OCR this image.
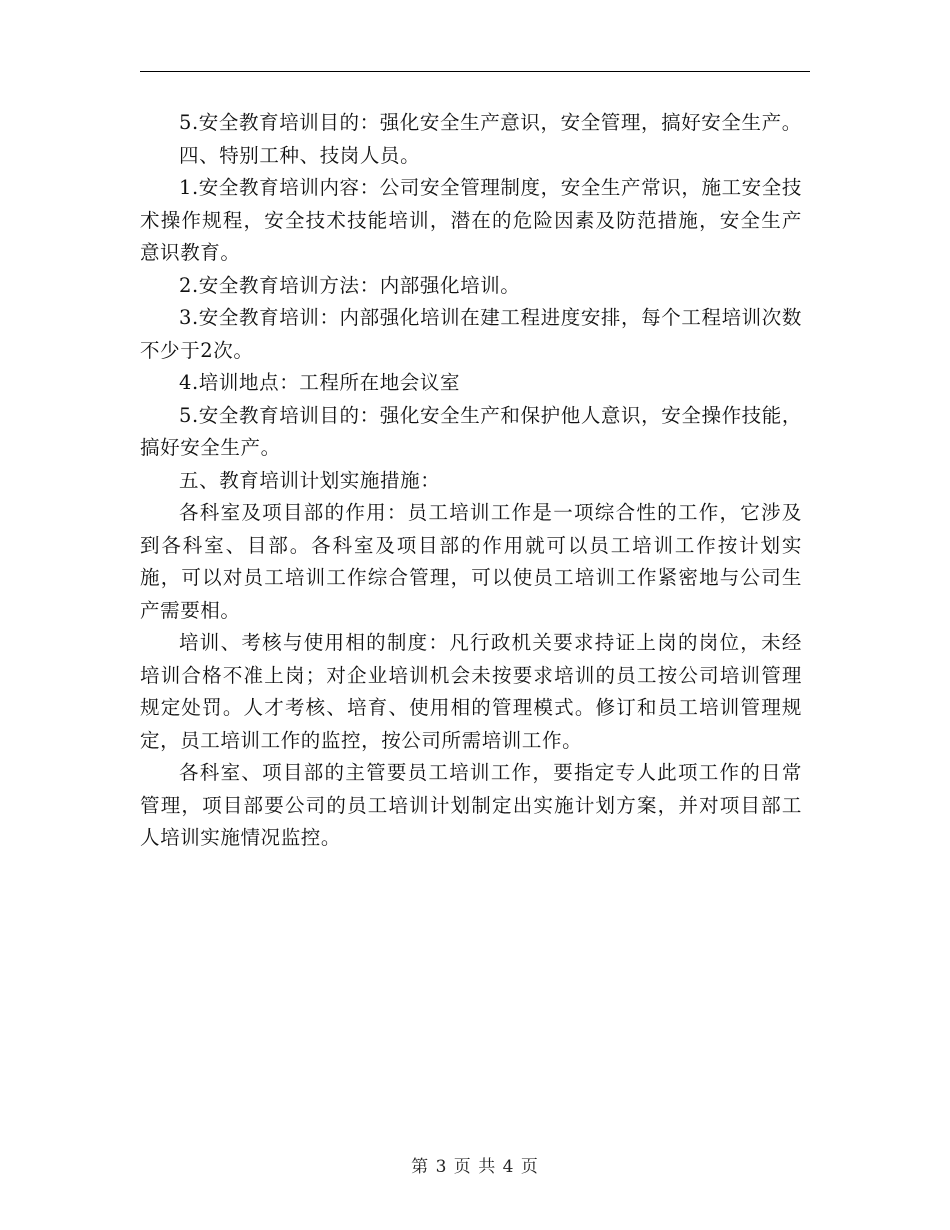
5.安全教育培训目的：强化安全生产意识，安全管理，搞好安全生产。

四、特别工种、技岗人员。

1.安全教育培训内容：公司安全管理制度，安全生产常识，施工安全技术操作规程，安全技术技能培训，潜在的危险因素及防范措施，安全生产意识教育。

2.安全教育培训方法：内部强化培训。

3.安全教育培训：内部强化培训在建工程进度安排，每个工程培训次数不少于2次。

4.培训地点：工程所在地会议室

5.安全教育培训目的：强化安全生产和保护他人意识，安全操作技能，搞好安全生产。

五、教育培训计划实施措施：

各科室及项目部的作用：员工培训工作是一项综合性的工作，它涉及到各科室、目部。各科室及项目部的作用就可以员工培训工作按计划实施，可以对员工培训工作综合管理，可以使员工培训工作紧密地与公司生产需要相。

培训、考核与使用相的制度：凡行政机关要求持证上岗的岗位，未经培训合格不准上岗；对企业培训机会未按要求培训的员工按公司培训管理规定处罚。人才考核、培育、使用相的管理模式。修订和员工培训管理规定，员工培训工作的监控，按公司所需培训工作。

各科室、项目部的主管要员工培训工作，要指定专人此项工作的日常管理，项目部要公司的员工培训计划制定出实施计划方案，并对项目部工人培训实施情况监控。

第 3 页 共 4 页
